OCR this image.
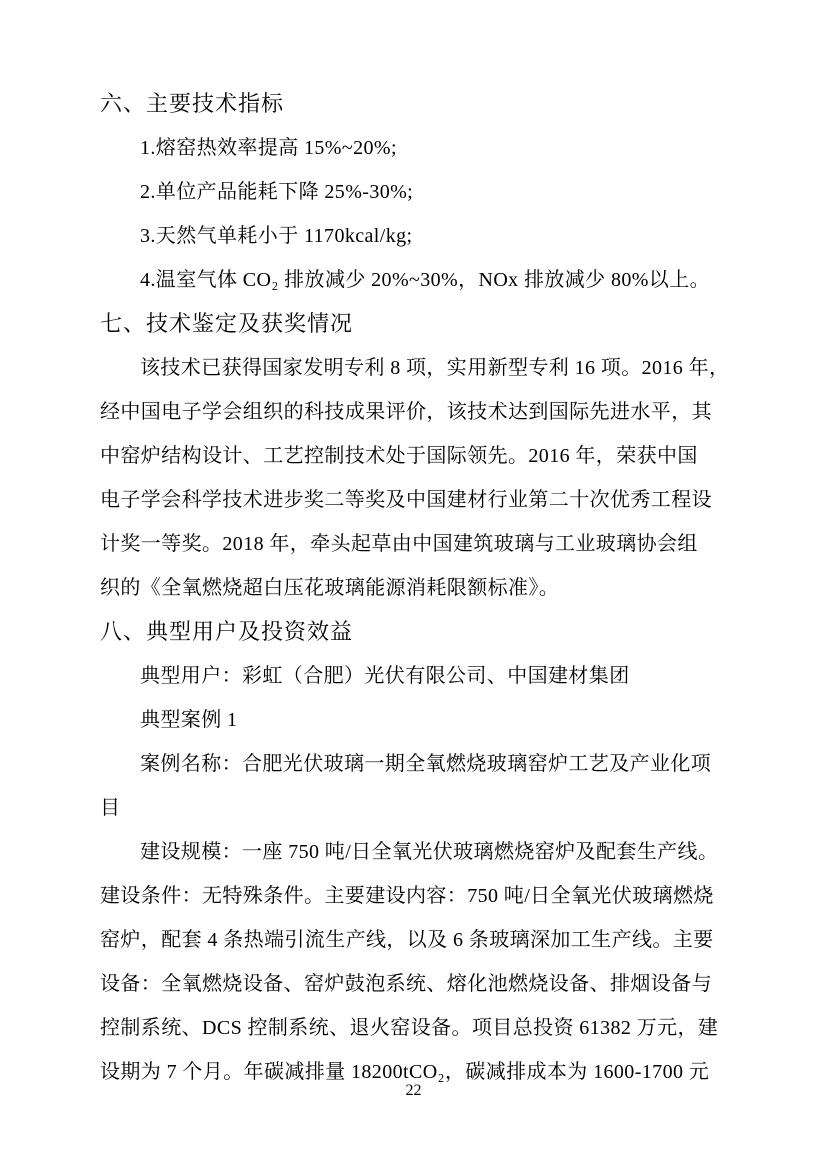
六、主要技术指标
1.熔窑热效率提高 15%~20%;
2.单位产品能耗下降 25%-30%;
3.天然气单耗小于 1170kcal/kg;
4.温室气体 CO₂ 排放减少 20%~30%，NOx 排放减少 80%以上。
七、技术鉴定及获奖情况
该技术已获得国家发明专利 8 项，实用新型专利 16 项。2016 年，
经中国电子学会组织的科技成果评价，该技术达到国际先进水平，其
中窑炉结构设计、工艺控制技术处于国际领先。2016 年，荣获中国
电子学会科学技术进步奖二等奖及中国建材行业第二十次优秀工程设
计奖一等奖。2018 年，牵头起草由中国建筑玻璃与工业玻璃协会组
织的《全氧燃烧超白压花玻璃能源消耗限额标准》。
八、典型用户及投资效益
典型用户：彩虹（合肥）光伏有限公司、中国建材集团
典型案例 1
案例名称：合肥光伏玻璃一期全氧燃烧玻璃窑炉工艺及产业化项
目
建设规模：一座 750 吨/日全氧光伏玻璃燃烧窑炉及配套生产线。
建设条件：无特殊条件。主要建设内容：750 吨/日全氧光伏玻璃燃烧
窑炉，配套 4 条热端引流生产线，以及 6 条玻璃深加工生产线。主要
设备：全氧燃烧设备、窑炉鼓泡系统、熔化池燃烧设备、排烟设备与
控制系统、DCS 控制系统、退火窑设备。项目总投资 61382 万元，建
设期为 7 个月。年碳减排量 18200tCO₂，碳减排成本为 1600-1700 元
22
